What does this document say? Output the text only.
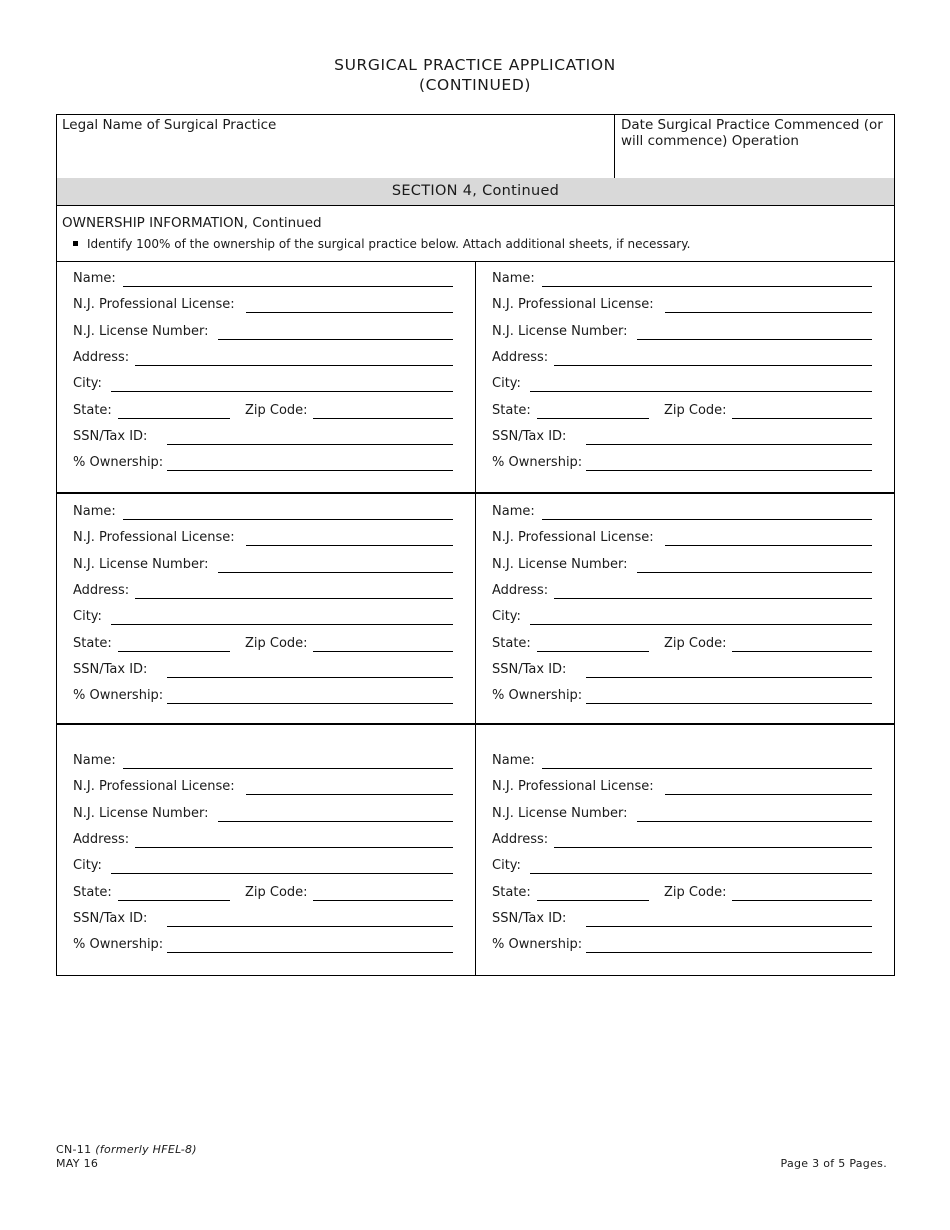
SURGICAL PRACTICE APPLICATION
(CONTINUED)
Legal Name of Surgical Practice	Date Surgical Practice Commenced (or will commence) Operation
SECTION 4, Continued
OWNERSHIP INFORMATION, Continued
Identify 100% of the ownership of the surgical practice below. Attach additional sheets, if necessary.
Name:
N.J. Professional License:
N.J. License Number:
Address:
City:
State:	Zip Code:
SSN/Tax ID:
% Ownership:
Name:
N.J. Professional License:
N.J. License Number:
Address:
City:
State:	Zip Code:
SSN/Tax ID:
% Ownership:
Name:
N.J. Professional License:
N.J. License Number:
Address:
City:
State:	Zip Code:
SSN/Tax ID:
% Ownership:
Name:
N.J. Professional License:
N.J. License Number:
Address:
City:
State:	Zip Code:
SSN/Tax ID:
% Ownership:
Name:
N.J. Professional License:
N.J. License Number:
Address:
City:
State:	Zip Code:
SSN/Tax ID:
% Ownership:
Name:
N.J. Professional License:
N.J. License Number:
Address:
City:
State:	Zip Code:
SSN/Tax ID:
% Ownership:
CN-11 (formerly HFEL-8)
MAY 16	Page 3 of 5 Pages.
